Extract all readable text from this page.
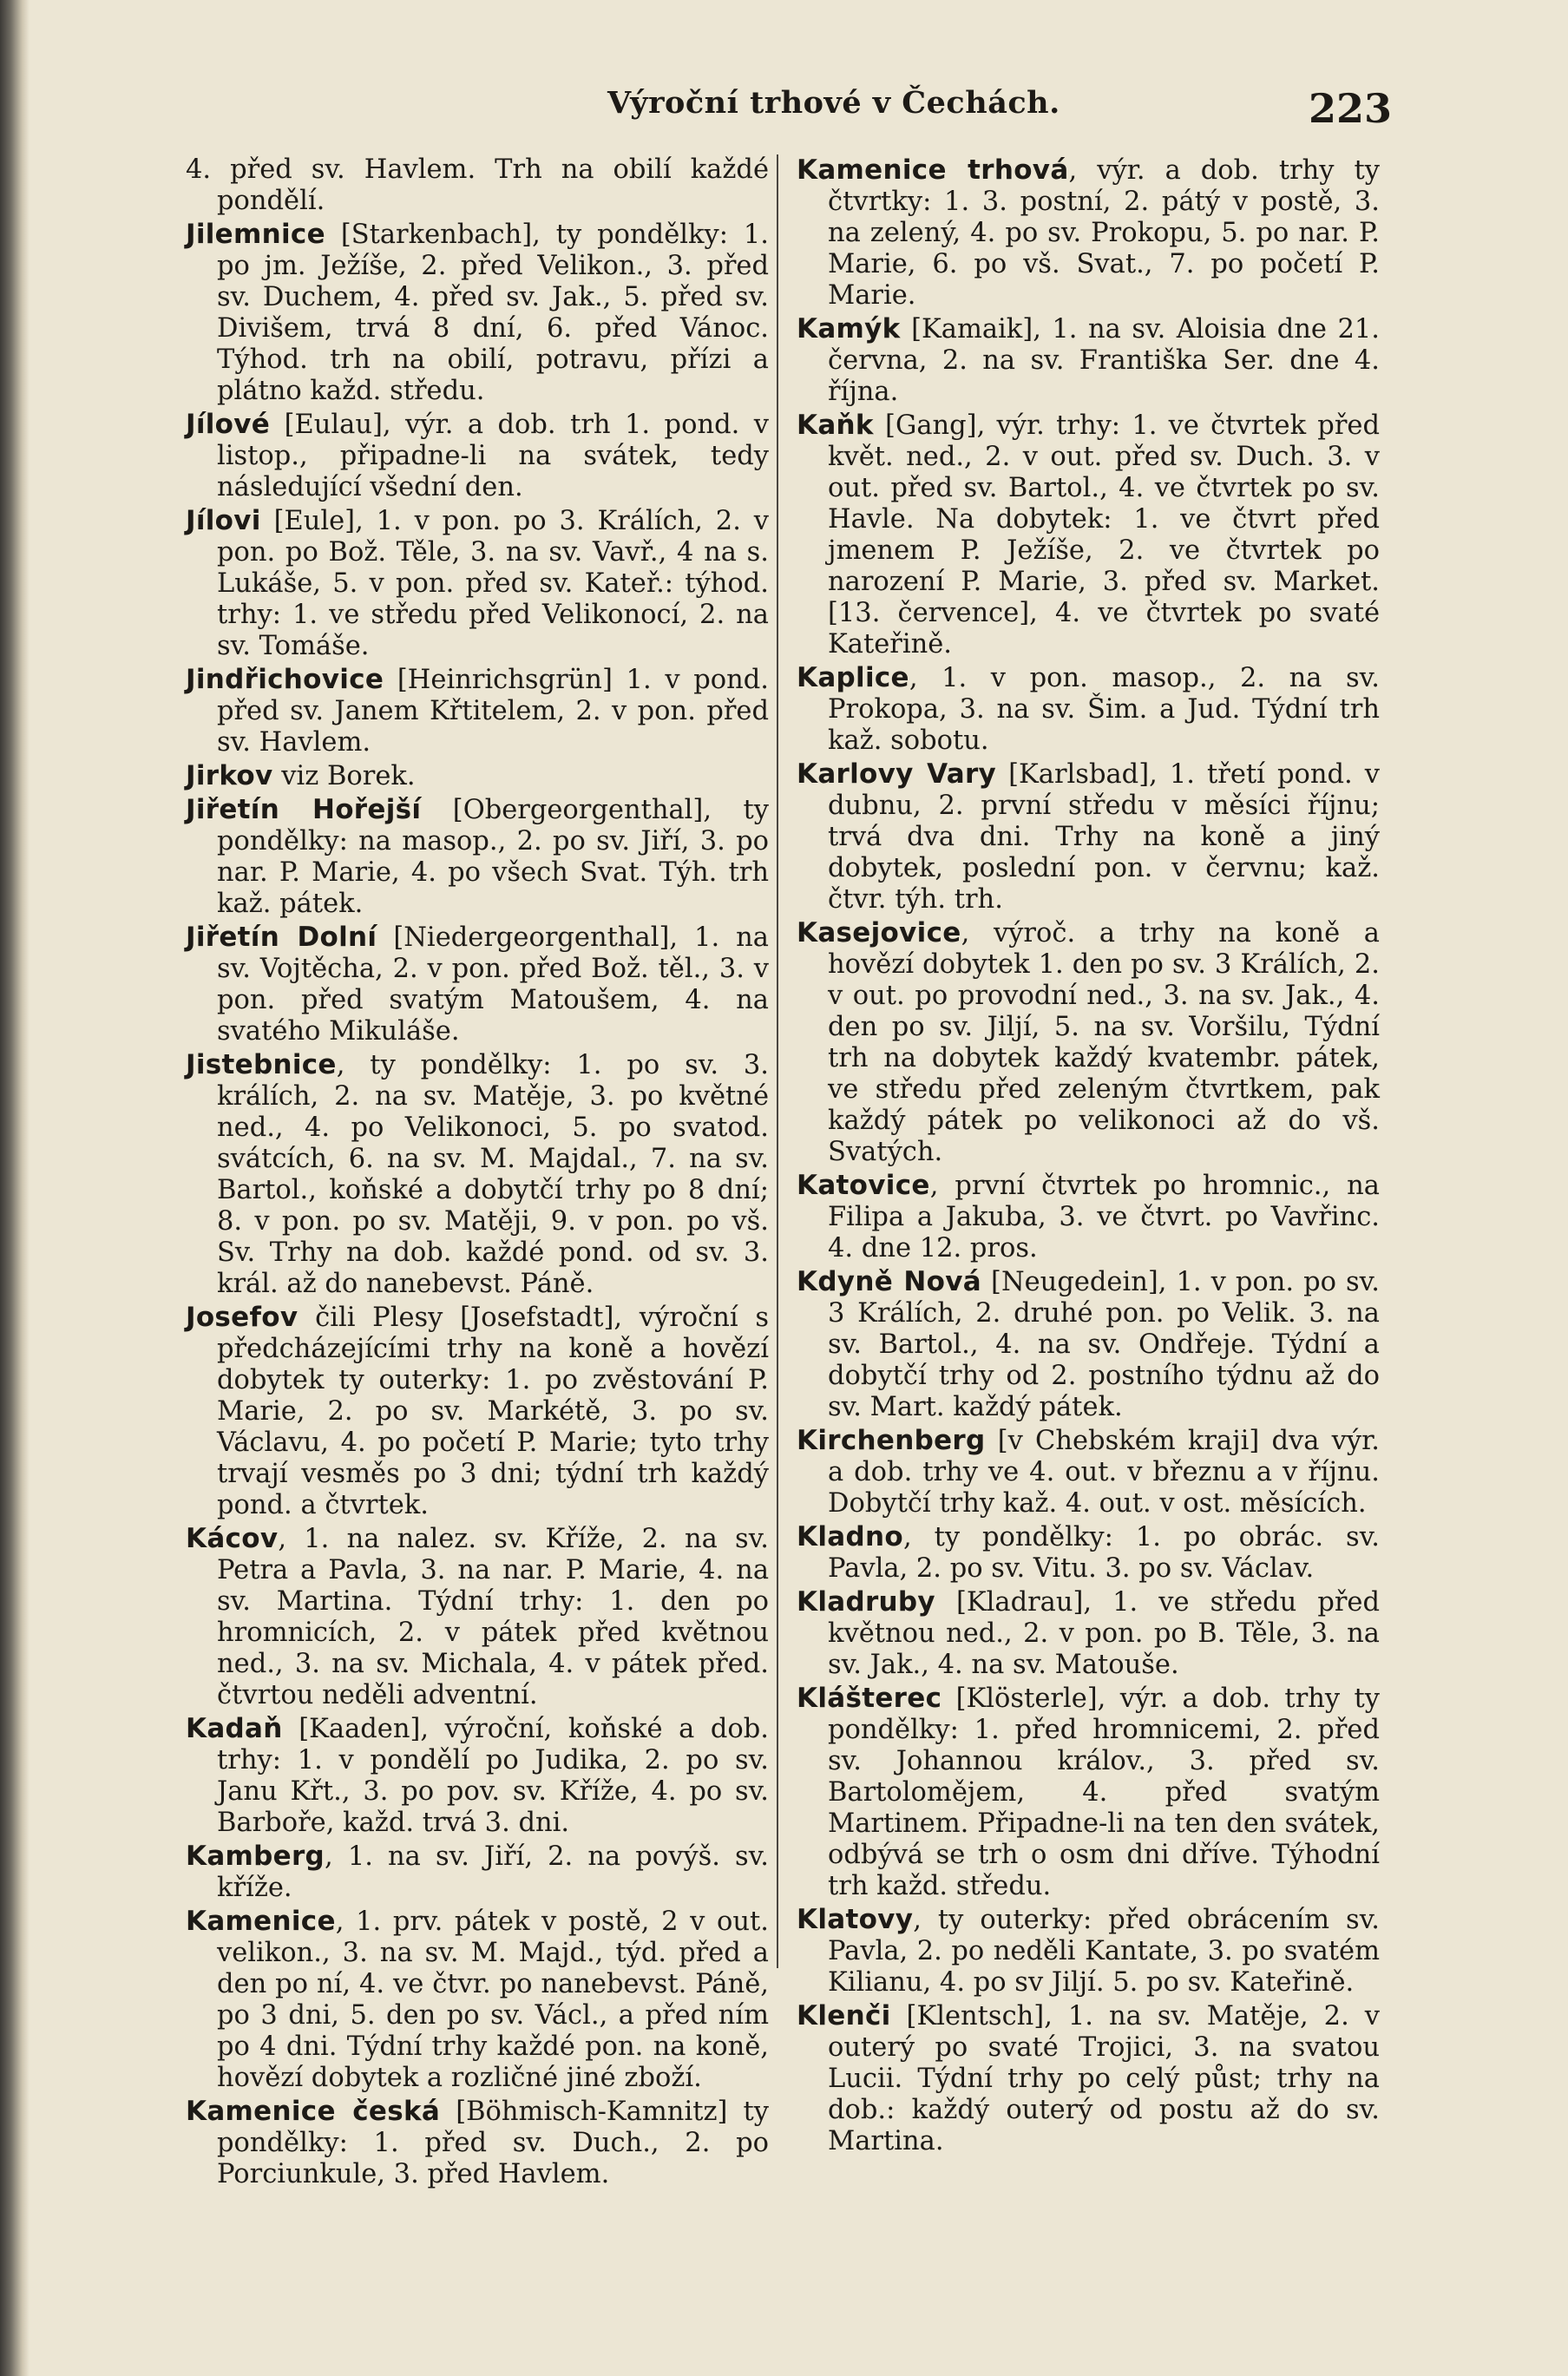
Výroční trhové v Čechách.	223

4. před sv. Havlem. Trh na obilí každé pondělí.

Jilemnice [Starkenbach], ty pondělky: 1. po jm. Ježíše, 2. před Velikon., 3. před sv. Duchem, 4. před sv. Jak., 5. před sv. Divišem, trvá 8 dní, 6. před Vánoc. Týhod. trh na obilí, potravu, přízi a plátno každ. středu.

Jílové [Eulau], výr. a dob. trh 1. pond. v listop., připadne-li na svátek, tedy následující všední den.

Jílovi [Eule], 1. v pon. po 3. Králích, 2. v pon. po Bož. Těle, 3. na sv. Vavř., 4 na s. Lukáše, 5. v pon. před sv. Kateř.: týhod. trhy: 1. ve středu před Velikonocí, 2. na sv. Tomáše.

Jindřichovice [Heinrichsgrün] 1. v pond. před sv. Janem Křtitelem, 2. v pon. před sv. Havlem.

Jirkov viz Borek.

Jiřetín Hořejší [Obergeorgenthal], ty pondělky: na masop., 2. po sv. Jiří, 3. po nar. P. Marie, 4. po všech Svat. Týh. trh kaž. pátek.

Jiřetín Dolní [Niedergeorgenthal], 1. na sv. Vojtěcha, 2. v pon. před Bož. těl., 3. v pon. před svatým Matoušem, 4. na svatého Mikuláše.

Jistebnice, ty pondělky: 1. po sv. 3. králích, 2. na sv. Matěje, 3. po květné ned., 4. po Velikonoci, 5. po svatod. svátcích, 6. na sv. M. Majdal., 7. na sv. Bartol., koňské a dobytčí trhy po 8 dní; 8. v pon. po sv. Matěji, 9. v pon. po vš. Sv. Trhy na dob. každé pond. od sv. 3. král. až do nanebevst. Páně.

Josefov čili Plesy [Josefstadt], výroční s předcházejícími trhy na koně a hovězí dobytek ty outerky: 1. po zvěstování P. Marie, 2. po sv. Markétě, 3. po sv. Václavu, 4. po početí P. Marie; tyto trhy trvají vesměs po 3 dni; týdní trh každý pond. a čtvrtek.

Kácov, 1. na nalez. sv. Kříže, 2. na sv. Petra a Pavla, 3. na nar. P. Marie, 4. na sv. Martina. Týdní trhy: 1. den po hromnicích, 2. v pátek před květnou ned., 3. na sv. Michala, 4. v pátek před. čtvrtou neděli adventní.

Kadaň [Kaaden], výroční, koňské a dob. trhy: 1. v pondělí po Judika, 2. po sv. Janu Křt., 3. po pov. sv. Kříže, 4. po sv. Barboře, každ. trvá 3. dni.

Kamberg, 1. na sv. Jiří, 2. na povýš. sv. kříže.

Kamenice, 1. prv. pátek v postě, 2 v out. velikon., 3. na sv. M. Majd., týd. před a den po ní, 4. ve čtvr. po nanebevst. Páně, po 3 dni, 5. den po sv. Václ., a před ním po 4 dni. Týdní trhy každé pon. na koně, hovězí dobytek a rozličné jiné zboží.

Kamenice česká [Böhmisch-Kamnitz] ty pondělky: 1. před sv. Duch., 2. po Porciunkule, 3. před Havlem.

Kamenice trhová, výr. a dob. trhy ty čtvrtky: 1. 3. postní, 2. pátý v postě, 3. na zelený, 4. po sv. Prokopu, 5. po nar. P. Marie, 6. po vš. Svat., 7. po početí P. Marie.

Kamýk [Kamaik], 1. na sv. Aloisia dne 21. června, 2. na sv. Františka Ser. dne 4. října.

Kaňk [Gang], výr. trhy: 1. ve čtvrtek před květ. ned., 2. v out. před sv. Duch. 3. v out. před sv. Bartol., 4. ve čtvrtek po sv. Havle. Na dobytek: 1. ve čtvrt před jmenem P. Ježíše, 2. ve čtvrtek po narození P. Marie, 3. před sv. Market. [13. července], 4. ve čtvrtek po svaté Kateřině.

Kaplice, 1. v pon. masop., 2. na sv. Prokopa, 3. na sv. Šim. a Jud. Týdní trh kaž. sobotu.

Karlovy Vary [Karlsbad], 1. třetí pond. v dubnu, 2. první středu v měsíci říjnu; trvá dva dni. Trhy na koně a jiný dobytek, poslední pon. v červnu; kaž. čtvr. týh. trh.

Kasejovice, výroč. a trhy na koně a hovězí dobytek 1. den po sv. 3 Králích, 2. v out. po provodní ned., 3. na sv. Jak., 4. den po sv. Jiljí, 5. na sv. Voršilu, Týdní trh na dobytek každý kvatembr. pátek, ve středu před zeleným čtvrtkem, pak každý pátek po velikonoci až do vš. Svatých.

Katovice, první čtvrtek po hromnic., na Filipa a Jakuba, 3. ve čtvrt. po Vavřinc. 4. dne 12. pros.

Kdyně Nová [Neugedein], 1. v pon. po sv. 3 Králích, 2. druhé pon. po Velik. 3. na sv. Bartol., 4. na sv. Ondřeje. Týdní a dobytčí trhy od 2. postního týdnu až do sv. Mart. každý pátek.

Kirchenberg [v Chebském kraji] dva výr. a dob. trhy ve 4. out. v březnu a v říjnu. Dobytčí trhy kaž. 4. out. v ost. měsících.

Kladno, ty pondělky: 1. po obrác. sv. Pavla, 2. po sv. Vitu. 3. po sv. Václav.

Kladruby [Kladrau], 1. ve středu před květnou ned., 2. v pon. po B. Těle, 3. na sv. Jak., 4. na sv. Matouše.

Klášterec [Klösterle], výr. a dob. trhy ty pondělky: 1. před hromnicemi, 2. před sv. Johannou králov., 3. před sv. Bartolomějem, 4. před svatým Martinem. Připadne-li na ten den svátek, odbývá se trh o osm dni dříve. Týhodní trh každ. středu.

Klatovy, ty outerky: před obrácením sv. Pavla, 2. po neděli Kantate, 3. po svatém Kilianu, 4. po sv Jiljí. 5. po sv. Kateřině.

Klenči [Klentsch], 1. na sv. Matěje, 2. v outerý po svaté Trojici, 3. na svatou Lucii. Týdní trhy po celý půst; trhy na dob.: každý outerý od postu až do sv. Martina.
